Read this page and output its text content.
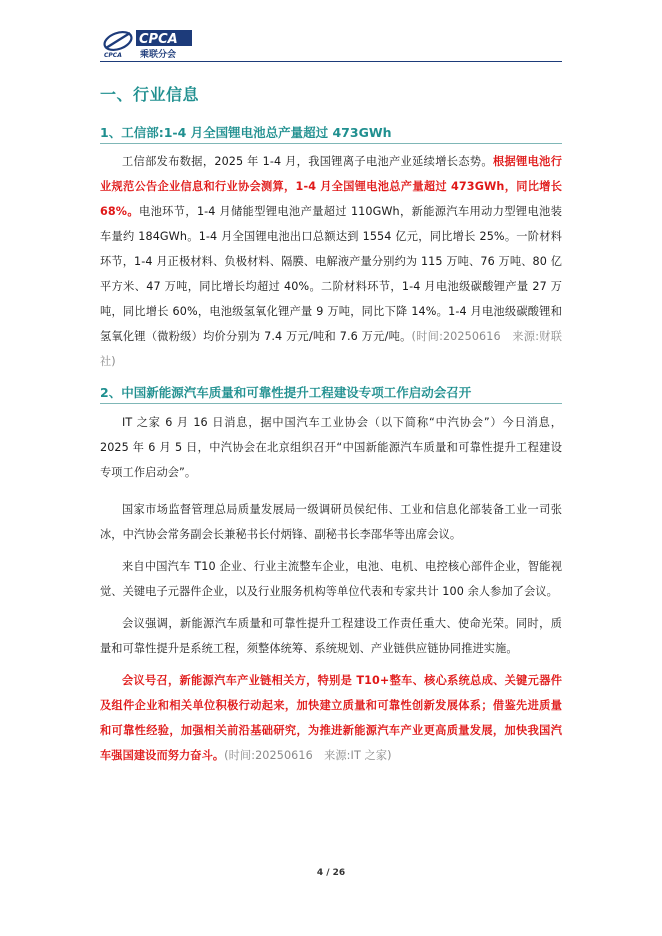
CPCA
乘联分会
CPCA
一、行业信息
1、工信部:1-4 月全国锂电池总产量超过 473GWh

工信部发布数据，2025 年 1-4 月，我国锂离子电池产业延续增长态势。根据锂电池行业规范公告企业信息和行业协会测算，1-4 月全国锂电池总产量超过 473GWh，同比增长 68%。电池环节，1-4 月储能型锂电池产量超过 110GWh，新能源汽车用动力型锂电池装车量约 184GWh。1-4 月全国锂电池出口总额达到 1554 亿元，同比增长 25%。一阶材料环节，1-4 月正极材料、负极材料、隔膜、电解液产量分别约为 115 万吨、76 万吨、80 亿平方米、47 万吨，同比增长均超过 40%。二阶材料环节，1-4 月电池级碳酸锂产量 27 万吨，同比增长 60%，电池级氢氧化锂产量 9 万吨，同比下降 14%。1-4 月电池级碳酸锂和氢氧化锂（微粉级）均价分别为 7.4 万元/吨和 7.6 万元/吨。(时间:20250616　来源:财联社)

2、中国新能源汽车质量和可靠性提升工程建设专项工作启动会召开

IT 之家 6 月 16 日消息，据中国汽车工业协会（以下简称“中汽协会”）今日消息，2025 年 6 月 5 日，中汽协会在北京组织召开“中国新能源汽车质量和可靠性提升工程建设专项工作启动会”。

国家市场监督管理总局质量发展局一级调研员侯纪伟、工业和信息化部装备工业一司张冰，中汽协会常务副会长兼秘书长付炳锋、副秘书长李邵华等出席会议。

来自中国汽车 T10 企业、行业主流整车企业，电池、电机、电控核心部件企业，智能视觉、关键电子元器件企业，以及行业服务机构等单位代表和专家共计 100 余人参加了会议。

会议强调，新能源汽车质量和可靠性提升工程建设工作责任重大、使命光荣。同时，质量和可靠性提升是系统工程，须整体统筹、系统规划、产业链供应链协同推进实施。

会议号召，新能源汽车产业链相关方，特别是 T10+整车、核心系统总成、关键元器件及组件企业和相关单位积极行动起来，加快建立质量和可靠性创新发展体系；借鉴先进质量和可靠性经验，加强相关前沿基础研究，为推进新能源汽车产业更高质量发展，加快我国汽车强国建设而努力奋斗。(时间:20250616　来源:IT 之家)

4 / 26
